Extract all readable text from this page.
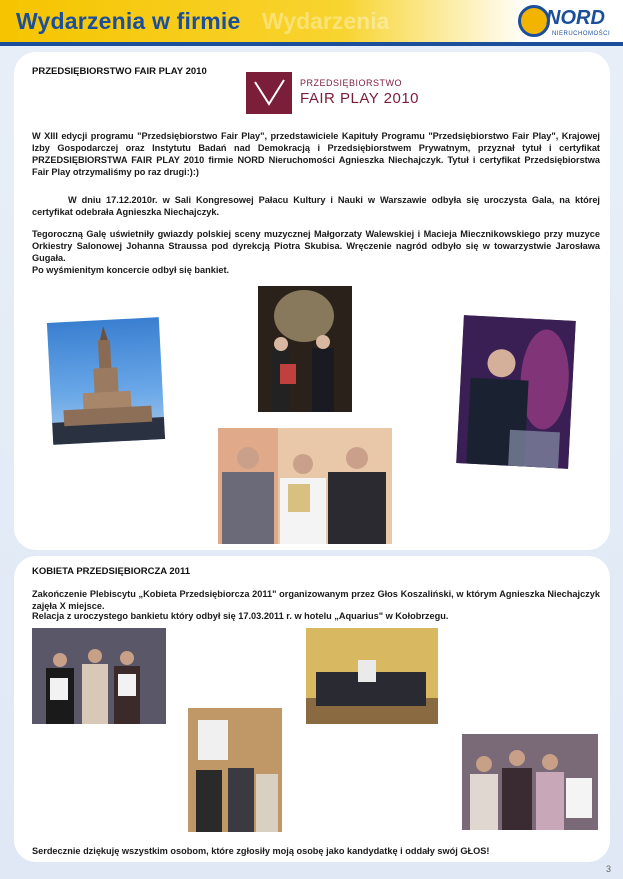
Wydarzenia w firmie Wydarzenia	NORD
NIERUCHOMOŚCI
PRZEDSIĘBIORSTWO FAIR PLAY 2010
PRZEDSIĘBIORSTWO
FAIR PLAY 2010
W XIII edycji programu "Przedsiębiorstwo Fair Play", przedstawiciele Kapituły Programu "Przedsiębiorstwo Fair Play", Krajowej Izby Gospodarczej oraz Instytutu Badań nad Demokracją i Przedsiębiorstwem Prywatnym, przyznał tytuł i certyfikat PRZEDSIĘBIORSTWA FAIR PLAY 2010 firmie NORD Nieruchomości Agnieszka Niechajczyk. Tytuł i certyfikat Przedsiębiorstwa Fair Play otrzymaliśmy po raz drugi:):)
W dniu 17.12.2010r. w Sali Kongresowej Pałacu Kultury i Nauki w Warszawie odbyła się uroczysta Gala, na której certyfikat odebrała Agnieszka Niechajczyk.
Tegoroczną Galę uświetniły gwiazdy polskiej sceny muzycznej Małgorzaty Walewskiej i Macieja Miecznikowskiego przy muzyce Orkiestry Salonowej Johanna Straussa pod dyrekcją Piotra Skubisa. Wręczenie nagród odbyło się w towarzystwie Jarosława Gugała.
Po wyśmienitym koncercie odbył się bankiet.
KOBIETA PRZEDSIĘBIORCZA 2011
Zakończenie Plebiscytu „Kobieta Przedsiębiorcza 2011" organizowanym przez Głos Koszaliński, w którym Agnieszka Niechajczyk zajęła X miejsce.
Relacja z uroczystego bankietu który odbył się 17.03.2011 r. w hotelu „Aquarius" w Kołobrzegu.
Serdecznie dziękuję wszystkim osobom, które zgłosiły moją osobę jako kandydatkę i oddały swój GŁOS!
3
